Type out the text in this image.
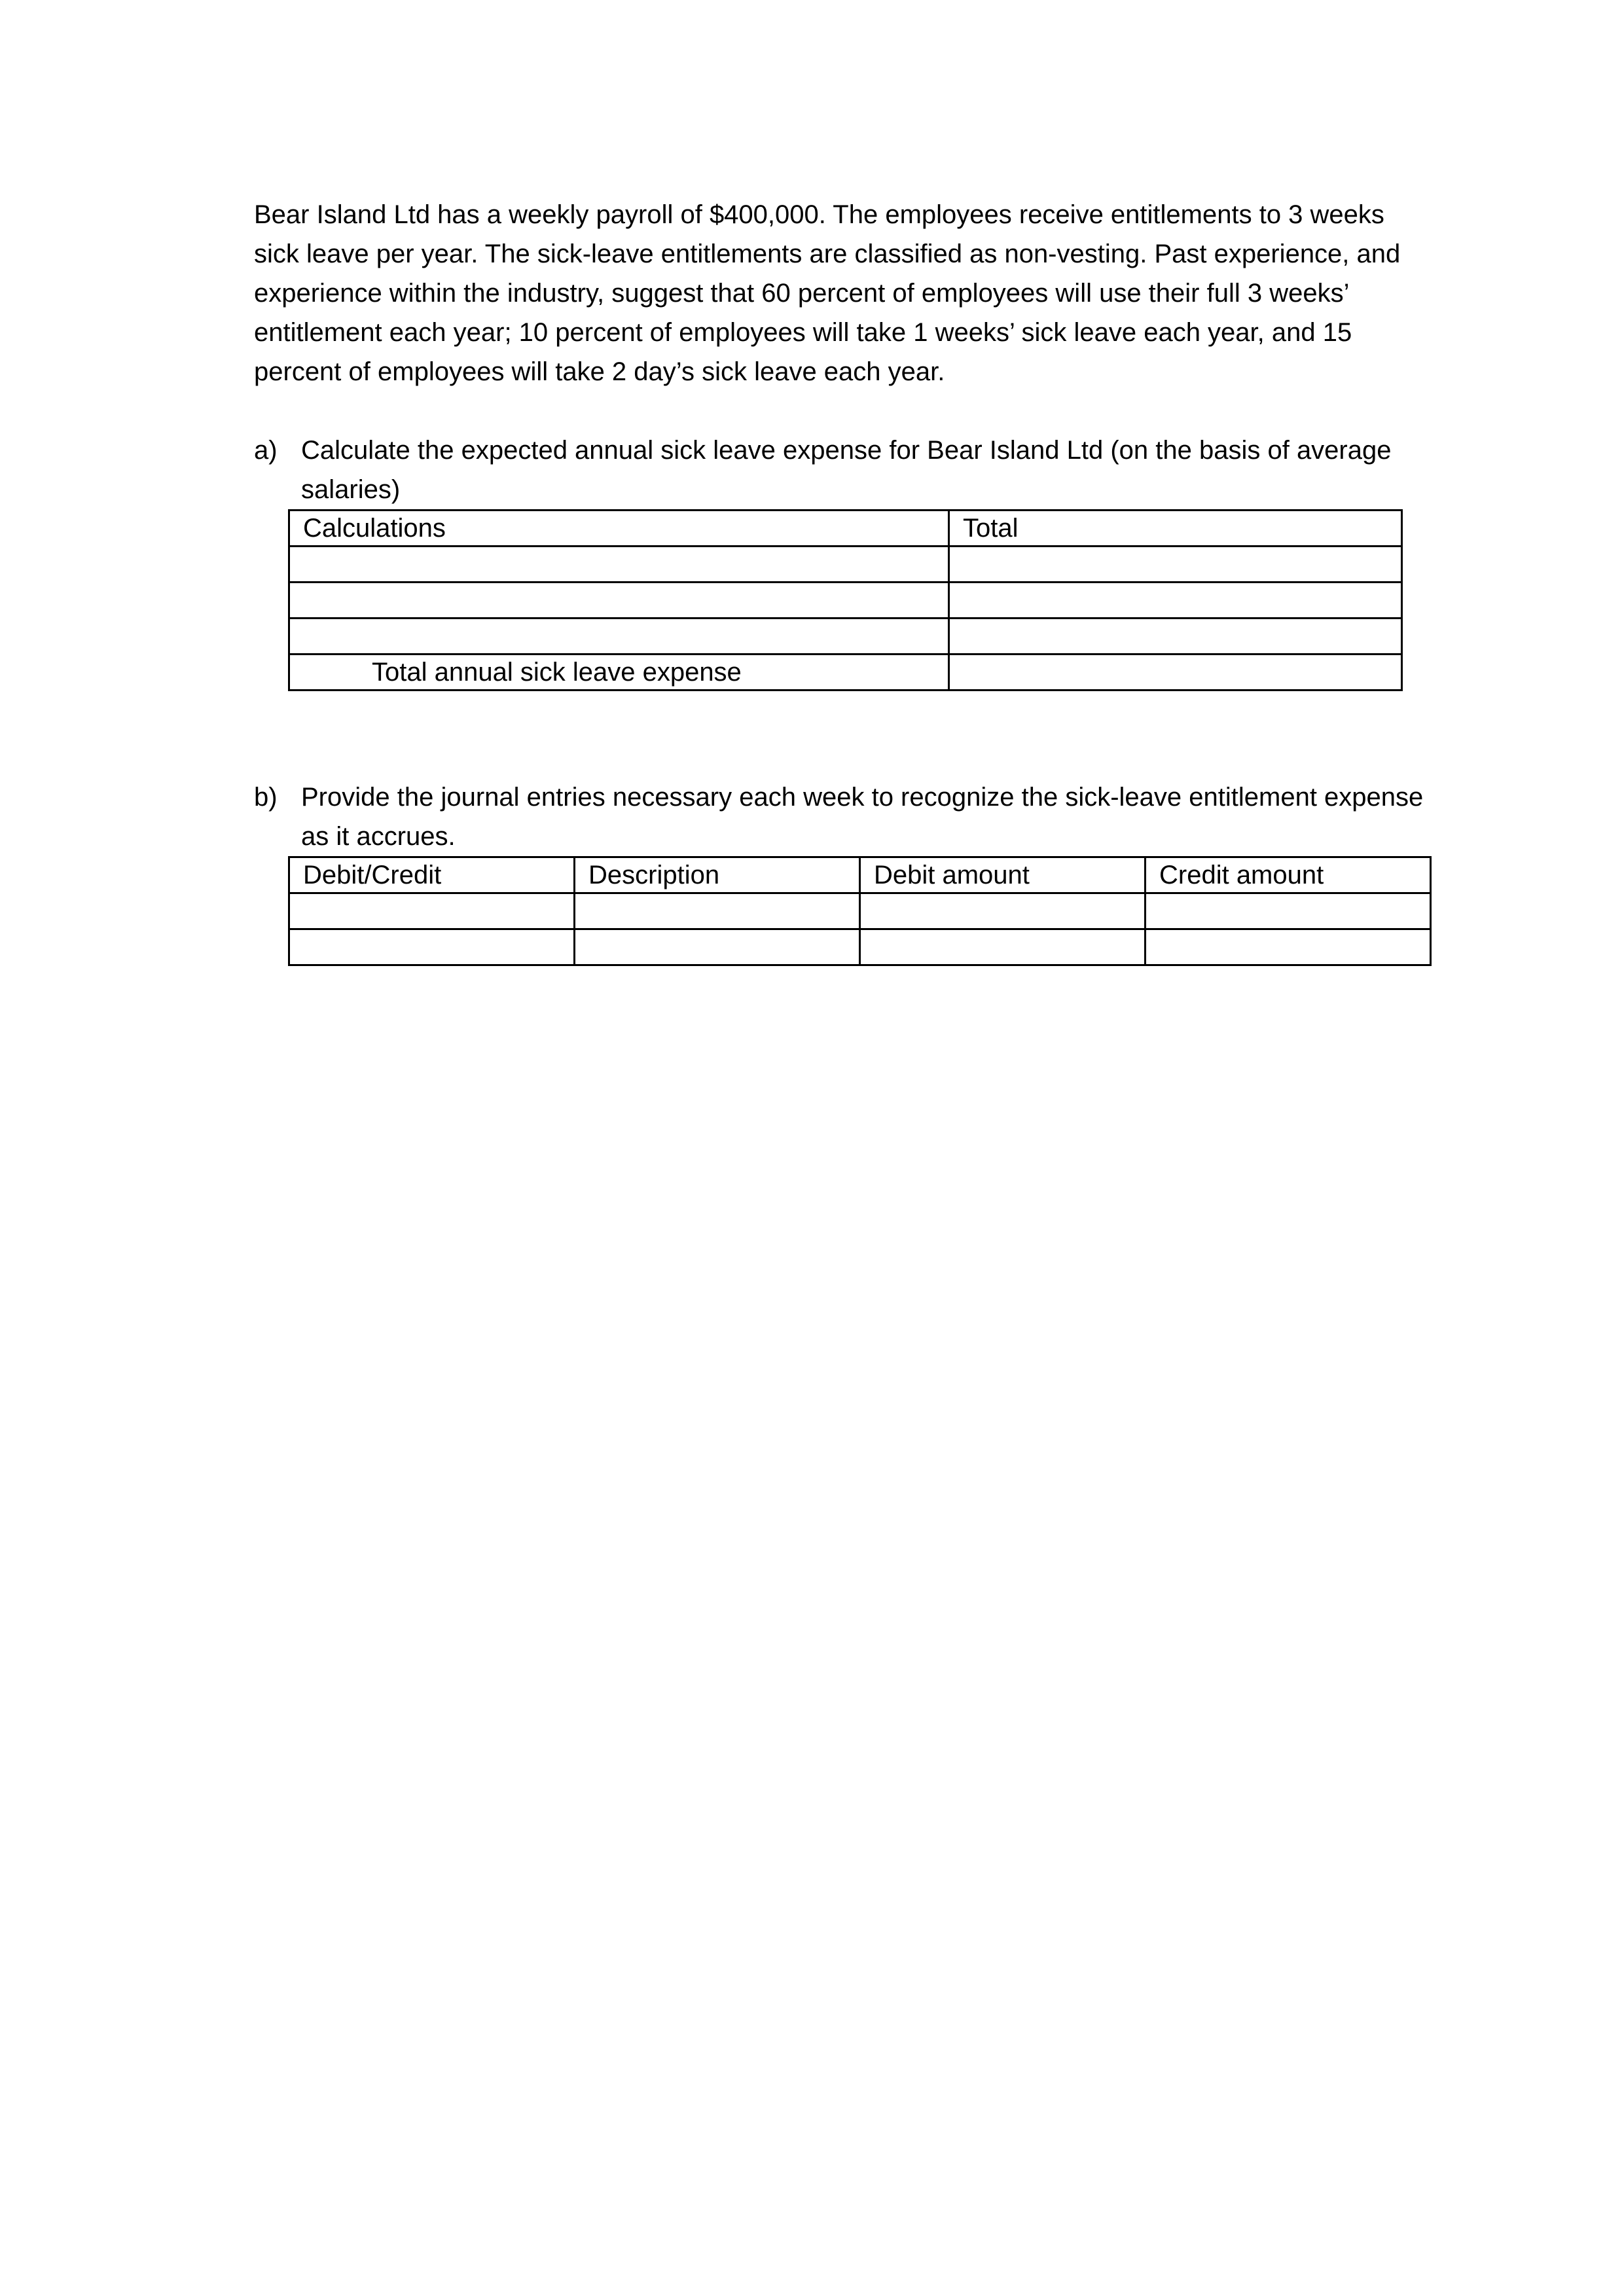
Bear Island Ltd has a weekly payroll of $400,000. The employees receive entitlements to 3 weeks sick leave per year. The sick-leave entitlements are classified as non-vesting. Past experience, and experience within the industry, suggest that 60 percent of employees will use their full 3 weeks’ entitlement each year; 10 percent of employees will take 1 weeks’ sick leave each year, and 15 percent of employees will take 2 day’s sick leave each year.

a) Calculate the expected annual sick leave expense for Bear Island Ltd (on the basis of average salaries)

Calculations	Total

Total annual sick leave expense	
b) Provide the journal entries necessary each week to recognize the sick-leave entitlement expense as it accrues.

Debit/Credit	Description	Debit amount	Credit amount
